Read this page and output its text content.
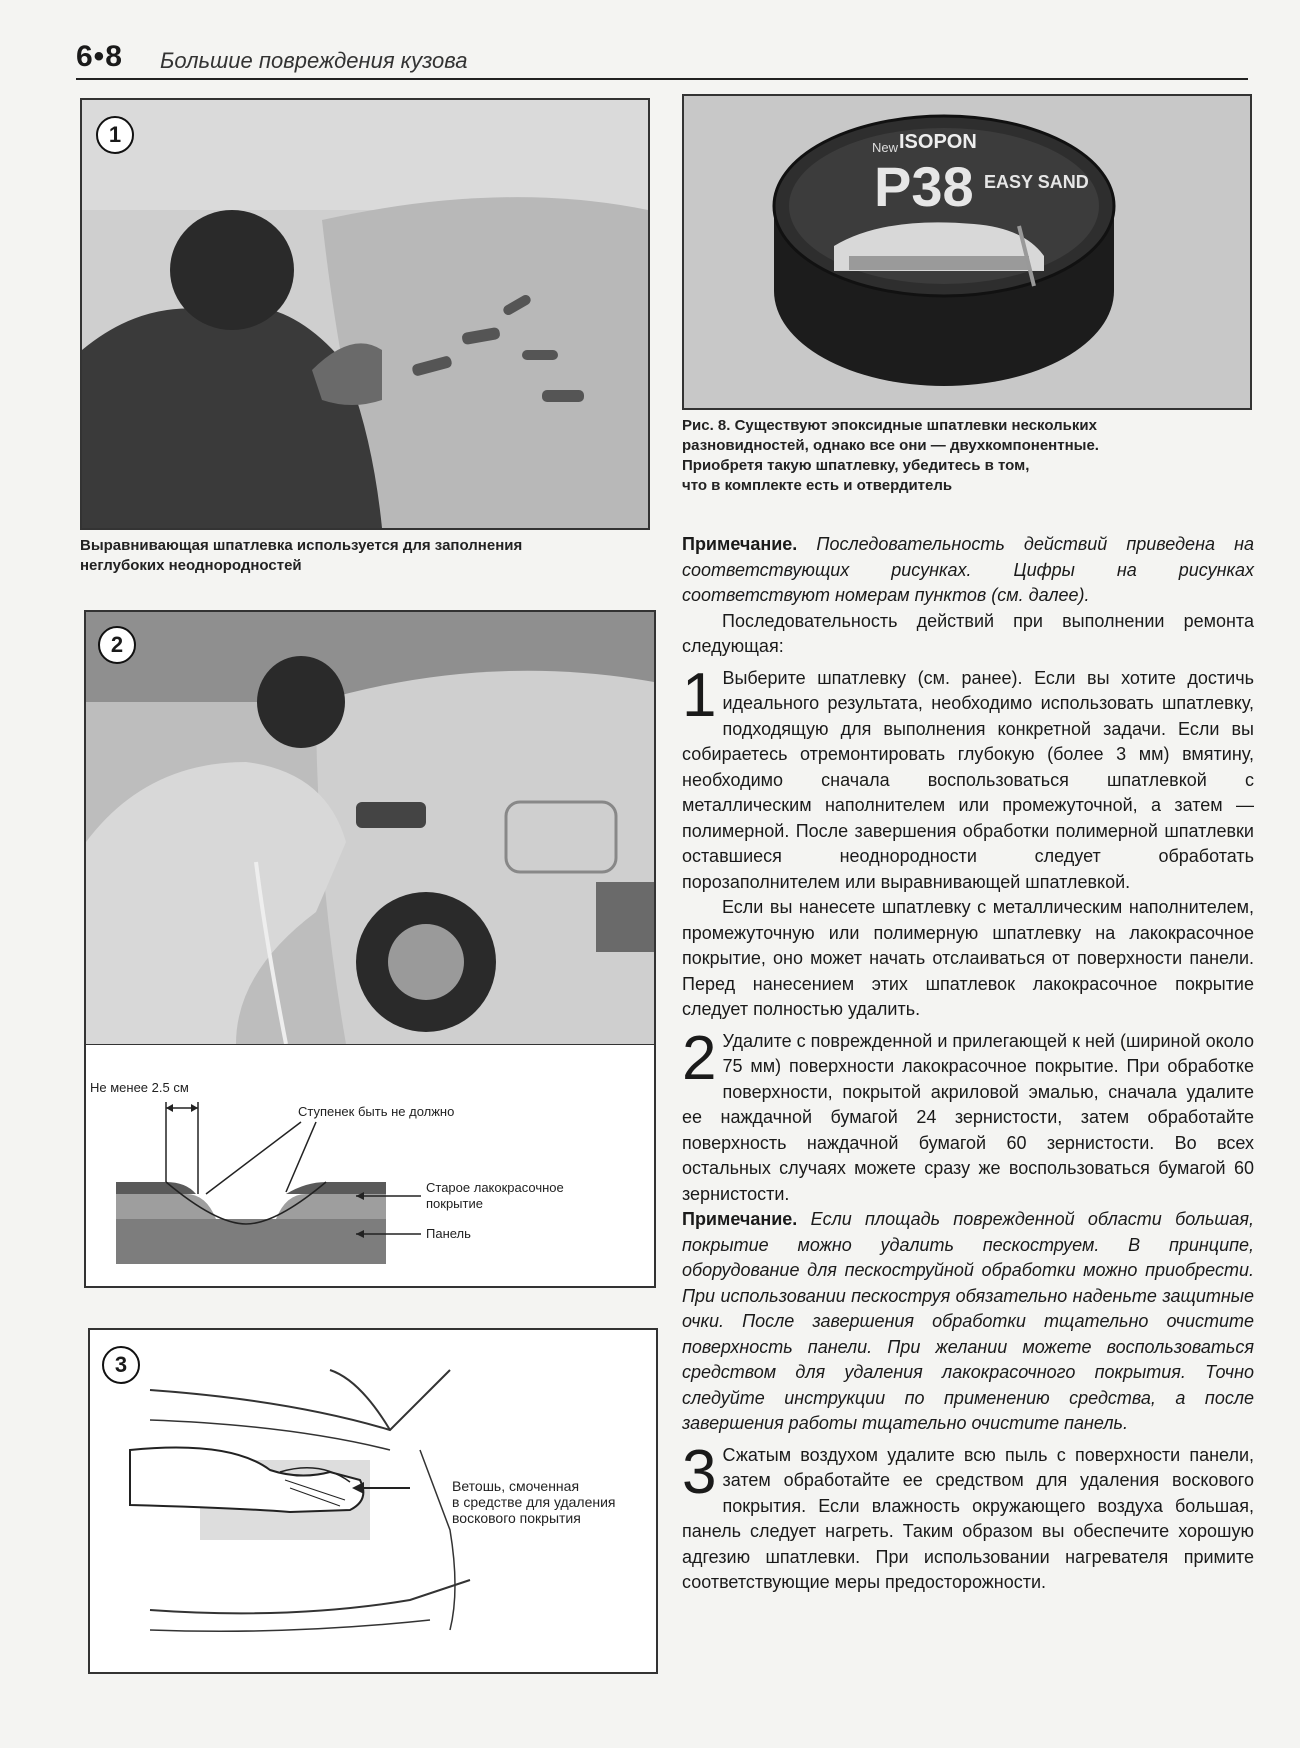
6•8 Большие повреждения кузова
1

Выравнивающая шпатлевка используется для заполнения

неглубоких неоднородностей

New ISOPON
P38 EASY SAND

Рис. 8. Существуют эпоксидные шпатлевки нескольких

разновидностей, однако все они — двухкомпонентные.

Приобретя такую шпатлевку, убедитесь в том,

что в комплекте есть и отвердитель

2
Не менее 2.5 см
Ступенек быть не должно
Старое лакокрасочное
покрытие
Панель
3
Ветошь, смоченная
в средстве для удаления
воскового покрытия

Примечание. Последовательность действий приведена на соответствующих рисунках. Цифры на рисунках соответствуют номерам пунктов (см. далее).

Последовательность действий при выполнении ремонта следующая:

1 Выберите шпатлевку (см. ранее). Если вы хотите достичь идеального результата, необходимо использовать шпатлевку, подходящую для выполнения конкретной задачи. Если вы собираетесь отремонтировать глубокую (более 3 мм) вмятину, необходимо сначала воспользоваться шпатлевкой с металлическим наполнителем или промежуточной, а затем — полимерной. После завершения обработки полимерной шпатлевки оставшиеся неоднородности следует обработать порозаполнителем или выравнивающей шпатлевкой.

Если вы нанесете шпатлевку с металлическим наполнителем, промежуточную или полимерную шпатлевку на лакокрасочное покрытие, оно может начать отслаиваться от поверхности панели. Перед нанесением этих шпатлевок лакокрасочное покрытие следует полностью удалить.

2 Удалите с поврежденной и прилегающей к ней (шириной около 75 мм) поверхности лакокрасочное покрытие. При обработке поверхности, покрытой акриловой эмалью, сначала удалите ее наждачной бумагой 24 зернистости, затем обработайте поверхность наждачной бумагой 60 зернистости. Во всех остальных случаях можете сразу же воспользоваться бумагой 60 зернистости.

Примечание. Если площадь поврежденной области большая, покрытие можно удалить пескоструем. В принципе, оборудование для пескоструйной обработки можно приобрести. При использовании пескоструя обязательно наденьте защитные очки. После завершения обработки тщательно очистите поверхность панели. При желании можете воспользоваться средством для удаления лакокрасочного покрытия. Точно следуйте инструкции по применению средства, а после завершения работы тщательно очистите панель.

3 Сжатым воздухом удалите всю пыль с поверхности панели, затем обработайте ее средством для удаления воскового покрытия. Если влажность окружающего воздуха большая, панель следует нагреть. Таким образом вы обеспечите хорошую адгезию шпатлевки. При использовании нагревателя примите соответствующие меры предосторожности.
